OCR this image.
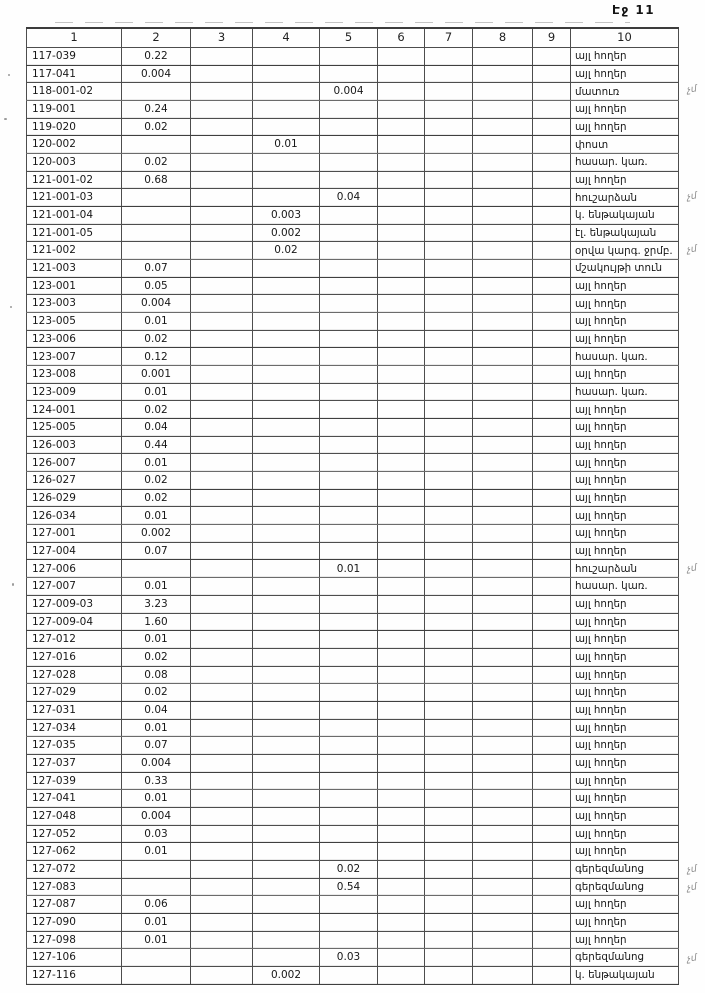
Էջ 11
1	2	3	4	5	6	7	8	9	10
117-039	0.22								այլ հողեր
117-041	0.004								այլ հողեր
118-001-02				0.004					մատուռ
119-001	0.24								այլ հողեր
119-020	0.02								այլ հողեր
120-002			0.01						փոստ
120-003	0.02								հասար. կառ.
121-001-02	0.68								այլ հողեր
121-001-03				0.04					հուշարձան
121-001-04			0.003						կ. ենթակայան
121-001-05			0.002						էլ. ենթակայան
121-002			0.02						օրվա կարգ. ջրմբ.
121-003	0.07								մշակույթի տուն
123-001	0.05								այլ հողեր
123-003	0.004								այլ հողեր
123-005	0.01								այլ հողեր
123-006	0.02								այլ հողեր
123-007	0.12								հասար. կառ.
123-008	0.001								այլ հողեր
123-009	0.01								հասար. կառ.
124-001	0.02								այլ հողեր
125-005	0.04								այլ հողեր
126-003	0.44								այլ հողեր
126-007	0.01								այլ հողեր
126-027	0.02								այլ հողեր
126-029	0.02								այլ հողեր
126-034	0.01								այլ հողեր
127-001	0.002								այլ հողեր
127-004	0.07								այլ հողեր
127-006				0.01					հուշարձան
127-007	0.01								հասար. կառ.
127-009-03	3.23								այլ հողեր
127-009-04	1.60								այլ հողեր
127-012	0.01								այլ հողեր
127-016	0.02								այլ հողեր
127-028	0.08								այլ հողեր
127-029	0.02								այլ հողեր
127-031	0.04								այլ հողեր
127-034	0.01								այլ հողեր
127-035	0.07								այլ հողեր
127-037	0.004								այլ հողեր
127-039	0.33								այլ հողեր
127-041	0.01								այլ հողեր
127-048	0.004								այլ հողեր
127-052	0.03								այլ հողեր
127-062	0.01								այլ հողեր
127-072				0.02					գերեզմանոց
127-083				0.54					գերեզմանոց
127-087	0.06								այլ հողեր
127-090	0.01								այլ հողեր
127-098	0.01								այլ հողեր
127-106				0.03					գերեզմանոց
127-116			0.002						կ. ենթակայան
չմ
չմ
չմ
չմ
չմ
չմ
չմ
